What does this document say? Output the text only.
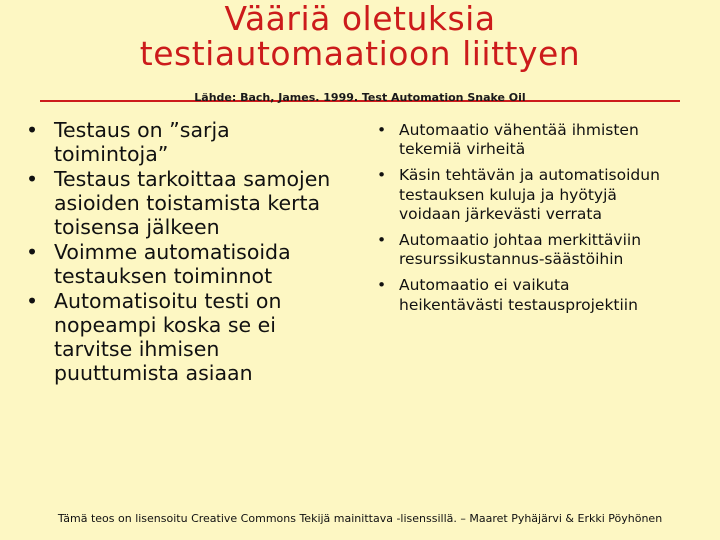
Vääriä oletuksia
testiautomaatioon liittyen
Lähde: Bach, James. 1999. Test Automation Snake Oil
• Testaus on ”sarja toimintoja”
• Testaus tarkoittaa samojen asioiden toistamista kerta toisensa jälkeen
• Voimme automatisoida testauksen toiminnot
• Automatisoitu testi on nopeampi koska se ei tarvitse ihmisen puuttumista asiaan
• Automaatio vähentää ihmisten tekemiä virheitä
• Käsin tehtävän ja automatisoidun testauksen kuluja ja hyötyjä voidaan järkevästi verrata
• Automaatio johtaa merkittäviin resurssikustannus-säästöihin
• Automaatio ei vaikuta heikentävästi testausprojektiin
Tämä teos on lisensoitu Creative Commons Tekijä mainittava -lisenssillä. – Maaret Pyhäjärvi & Erkki Pöyhönen
